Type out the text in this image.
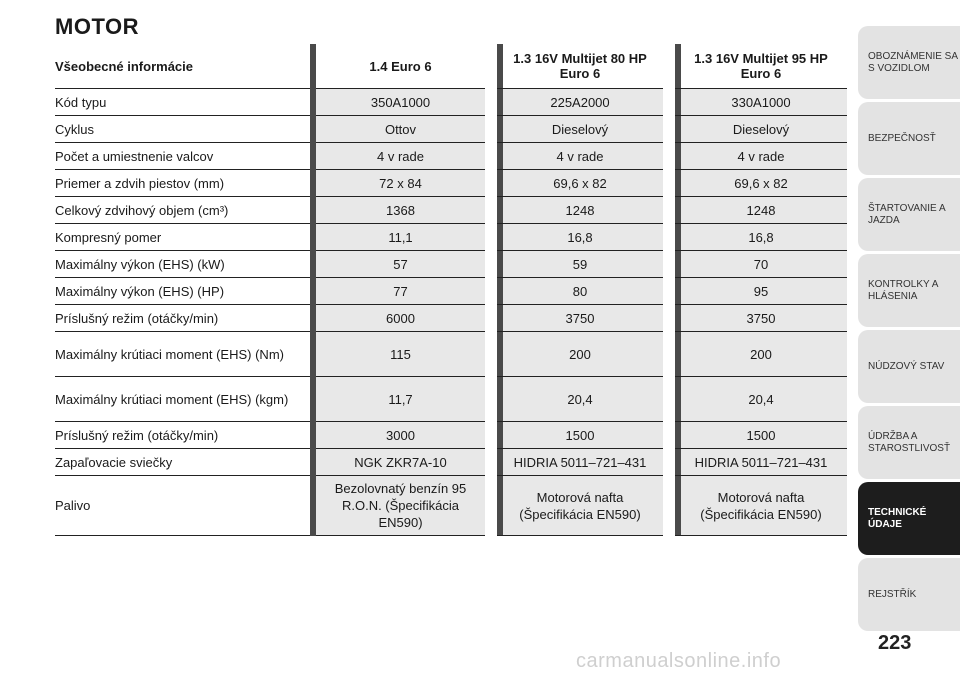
MOTOR
Všeobecné informácie	1.4 Euro 6	1.3 16V Multijet 80 HP Euro 6	1.3 16V Multijet 95 HP Euro 6
Kód typu	350A1000	225A2000	330A1000
Cyklus	Ottov	Dieselový	Dieselový
Počet a umiestnenie valcov	4 v rade	4 v rade	4 v rade
Priemer a zdvih piestov (mm)	72 x 84	69,6 x 82	69,6 x 82
Celkový zdvihový objem (cm³)	1368	1248	1248
Kompresný pomer	11,1	16,8	16,8
Maximálny výkon (EHS) (kW)	57	59	70
Maximálny výkon (EHS) (HP)	77	80	95
Príslušný režim (otáčky/min)	6000	3750	3750
Maximálny krútiaci moment (EHS) (Nm)	115	200	200
Maximálny krútiaci moment (EHS) (kgm)	11,7	20,4	20,4
Príslušný režim (otáčky/min)	3000	1500	1500
Zapaľovacie sviečky	NGK ZKR7A-10	HIDRIA 5011–721–431	HIDRIA 5011–721–431
Palivo	Bezolovnatý benzín 95 R.O.N. (Špecifikácia EN590)	Motorová nafta (Špecifikácia EN590)	Motorová nafta (Špecifikácia EN590)
OBOZNÁMENIE SA S VOZIDLOM
BEZPEČNOSŤ
ŠTARTOVANIE A JAZDA
KONTROLKY A HLÁSENIA
NÚDZOVÝ STAV
ÚDRŽBA A STAROSTLIVOSŤ
TECHNICKÉ ÚDAJE
REJSTŘÍK
223
carmanualsonline.info
